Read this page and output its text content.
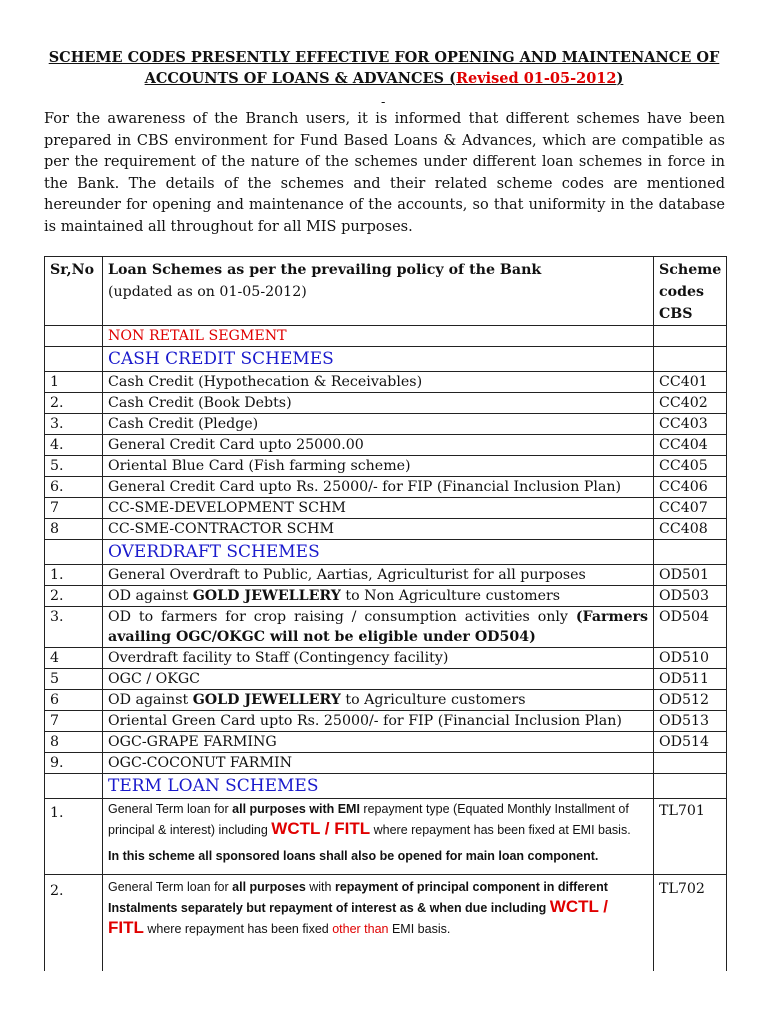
SCHEME CODES PRESENTLY EFFECTIVE FOR OPENING AND MAINTENANCE OF
ACCOUNTS OF LOANS & ADVANCES (Revised 01-05-2012)
-
For the awareness of the Branch users, it is informed that different schemes have been prepared in CBS environment for Fund Based Loans & Advances, which are compatible as per the requirement of the nature of the schemes under different loan schemes in force in the Bank. The details of the schemes and their related scheme codes are mentioned hereunder for opening and maintenance of the accounts, so that uniformity in the database is maintained all throughout for all MIS purposes.
Sr,No	Loan Schemes as per the prevailing policy of the Bank
(updated as on 01-05-2012)	Scheme
codes
CBS
	NON RETAIL SEGMENT	
	CASH CREDIT SCHEMES	
1	Cash Credit (Hypothecation & Receivables)	CC401
2.	Cash Credit (Book Debts)	CC402
3.	Cash Credit (Pledge)	CC403
4.	General Credit Card upto 25000.00	CC404
5.	Oriental Blue Card (Fish farming scheme)	CC405
6.	General Credit Card upto Rs. 25000/- for FIP (Financial Inclusion Plan)	CC406
7	CC-SME-DEVELOPMENT SCHM	CC407
8	CC-SME-CONTRACTOR SCHM	CC408
	OVERDRAFT SCHEMES	
1.	General Overdraft to Public, Aartias, Agriculturist for all purposes	OD501
2.	OD against GOLD JEWELLERY to Non Agriculture customers	OD503
3.	OD to farmers for crop raising / consumption activities only (Farmers availing OGC/OKGC will not be eligible under OD504)	OD504
4	Overdraft facility to Staff (Contingency facility)	OD510
5	OGC / OKGC	OD511
6	OD against GOLD JEWELLERY to Agriculture customers	OD512
7	Oriental Green Card upto Rs. 25000/- for FIP (Financial Inclusion Plan)	OD513
8	OGC-GRAPE FARMING	OD514
9.	OGC-COCONUT FARMIN	
	TERM LOAN SCHEMES	
1.	General Term loan for all purposes with EMI repayment type (Equated Monthly Installment of principal & interest) including WCTL / FITL where repayment has been fixed at EMI basis.
In this scheme all sponsored loans shall also be opened for main loan component.	TL701
2.	General Term loan for all purposes with repayment of principal component in different Instalments separately but repayment of interest as & when due including WCTL / FITL where repayment has been fixed other than EMI basis.	TL702
